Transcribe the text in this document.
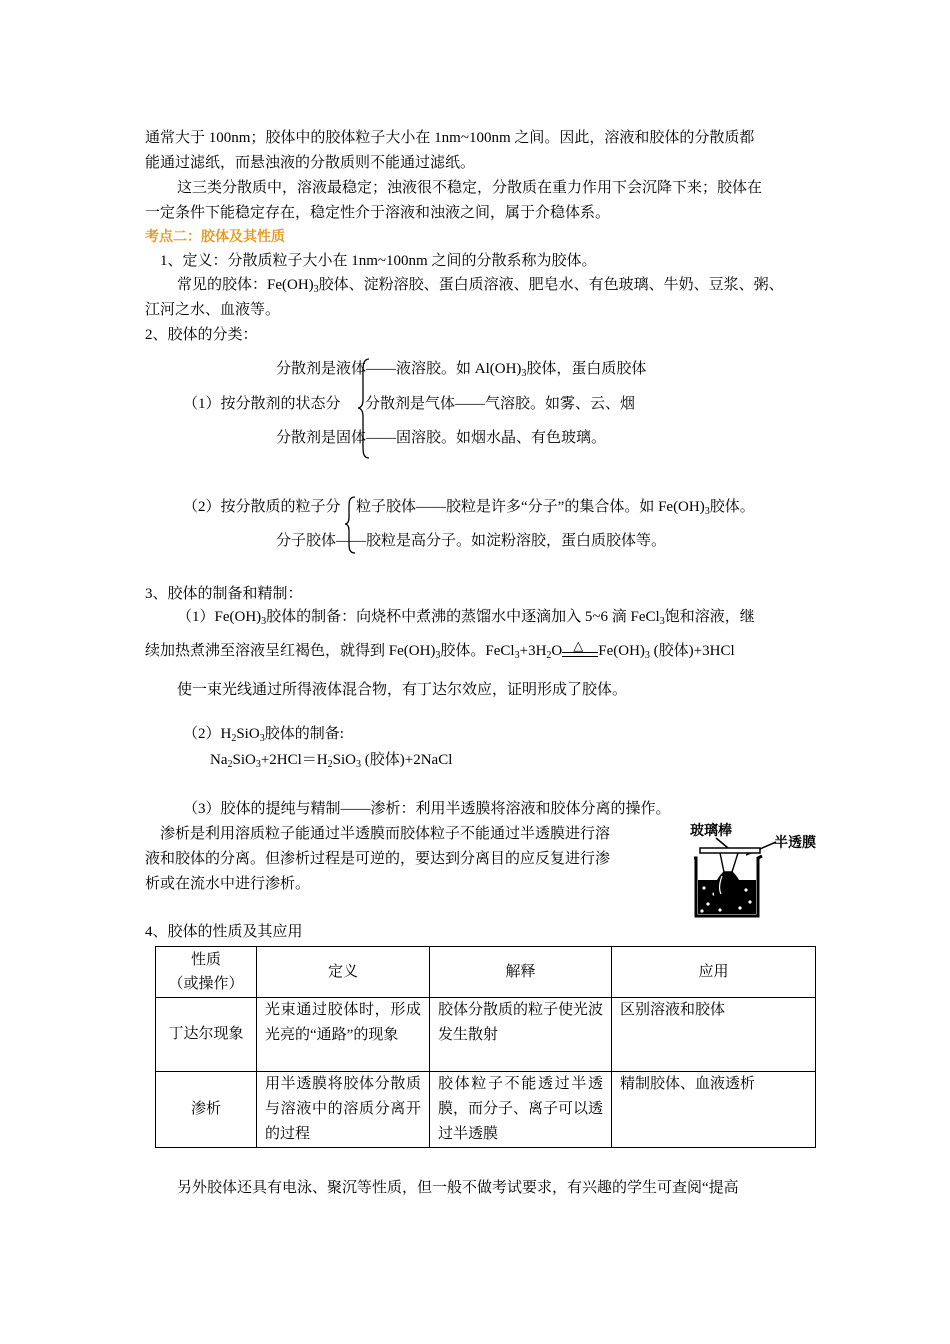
通常大于 100nm；胶体中的胶体粒子大小在 1nm~100nm 之间。因此，溶液和胶体的分散质都
能通过滤纸，而悬浊液的分散质则不能通过滤纸。
这三类分散质中，溶液最稳定；浊液很不稳定，分散质在重力作用下会沉降下来；胶体在
一定条件下能稳定存在，稳定性介于溶液和浊液之间，属于介稳体系。
考点二：胶体及其性质
1、定义：分散质粒子大小在 1nm~100nm 之间的分散系称为胶体。
常见的胶体：$Fe(OH)_3$胶体、淀粉溶胶、蛋白质溶液、肥皂水、有色玻璃、牛奶、豆浆、粥、
江河之水、血液等。
2、胶体的分类：
分散剂是液体——液溶胶。如 $Al(OH)_3$胶体，蛋白质胶体
（1）按分散剂的状态分 分散剂是气体——气溶胶。如雾、云、烟
分散剂是固体——固溶胶。如烟水晶、有色玻璃。
（2）按分散质的粒子分 粒子胶体——胶粒是许多“分子”的集合体。如 $Fe(OH)_3$胶体。
分子胶体——胶粒是高分子。如淀粉溶胶，蛋白质胶体等。
3、胶体的制备和精制：
$(1)Fe(OH)_3$胶体的制备：向烧杯中煮沸的蒸馏水中逐滴加入 5~6 滴 FeCl$_3$饱和溶液，继
续加热煮沸至溶液呈红褐色，就得到 $Fe(OH)_3$胶体。$FeCl_3+3H_2O$ △ $Fe(OH)_3$ (胶体)+3HCl
使一束光线通过所得液体混合物，有丁达尔效应，证明形成了胶体。
$(2)H_2SiO_3$胶体的制备:
$Na_2SiO_3+2HCl=H_2SiO_3$ (胶体)+2NaCl
（3）胶体的提纯与精制——渗析：利用半透膜将溶液和胶体分离的操作。
渗析是利用溶质粒子能通过半透膜而胶体粒子不能通过半透膜进行溶
液和胶体的分离。但渗析过程是可逆的，要达到分离目的应反复进行渗
析或在流水中进行渗析。
玻璃棒
半透膜
4、胶体的性质及其应用
性质
（或操作）	定义	解释	应用
丁达尔现象	光束通过胶体时，形成光亮的“通路”的现象	胶体分散质的粒子使光波发生散射	区别溶液和胶体
渗析	用半透膜将胶体分散质与溶液中的溶质分离开的过程	胶体粒子不能透过半透膜，而分子、离子可以透过半透膜	精制胶体、血液透析
另外胶体还具有电泳、聚沉等性质，但一般不做考试要求，有兴趣的学生可查阅“提高
